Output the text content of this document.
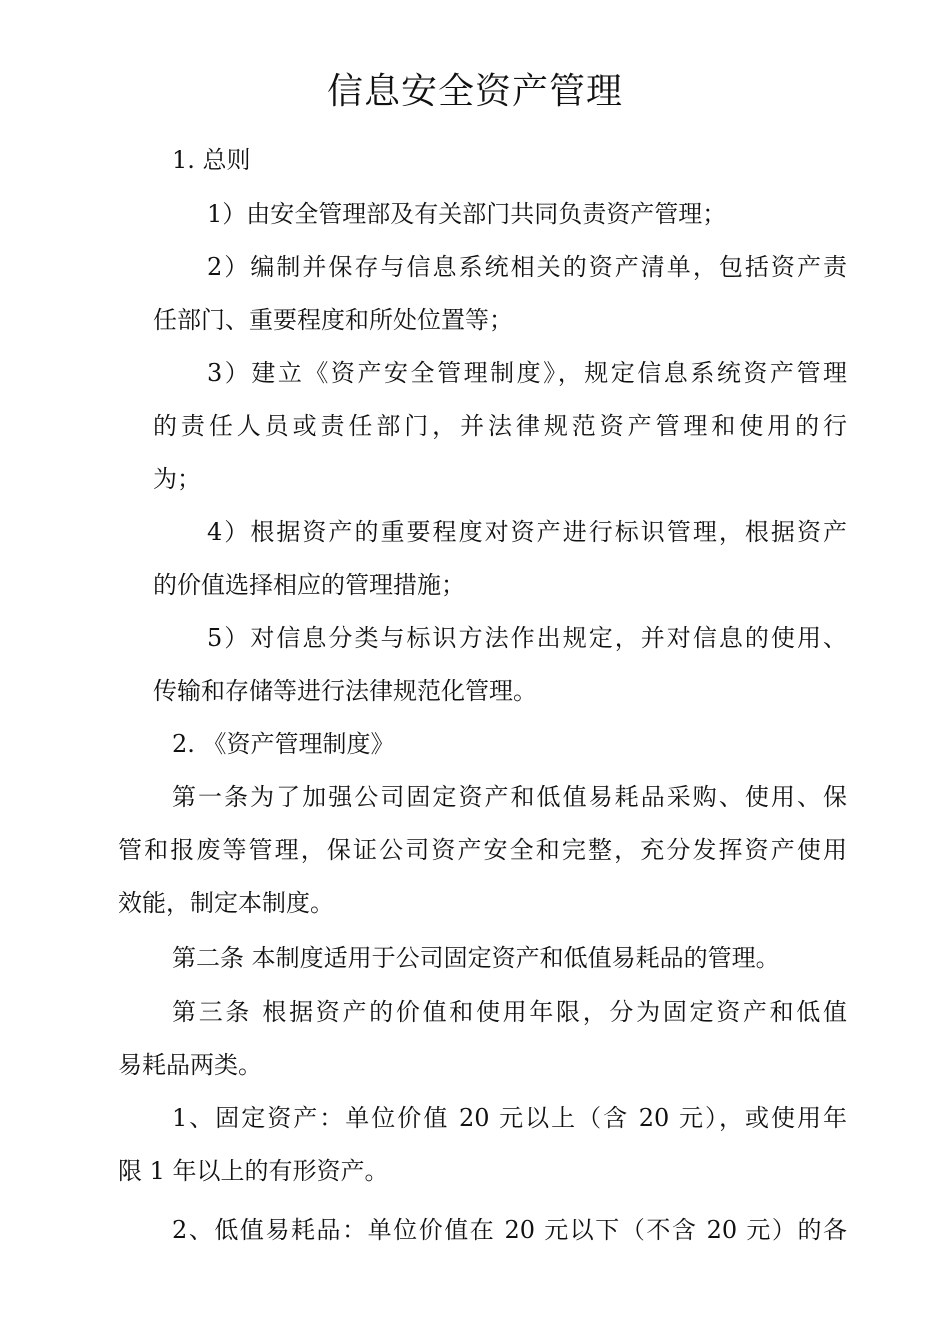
信息安全资产管理

1. 总则

1）由安全管理部及有关部门共同负责资产管理；

2）编制并保存与信息系统相关的资产清单，包括资产责

任部门、重要程度和所处位置等；

3）建立《资产安全管理制度》，规定信息系统资产管理

的责任人员或责任部门，并法律规范资产管理和使用的行

为；

4）根据资产的重要程度对资产进行标识管理，根据资产

的价值选择相应的管理措施；

5）对信息分类与标识方法作出规定，并对信息的使用、

传输和存储等进行法律规范化管理。

2. 《资产管理制度》

第一条为了加强公司固定资产和低值易耗品采购、使用、保

管和报废等管理，保证公司资产安全和完整，充分发挥资产使用

效能，制定本制度。

第二条 本制度适用于公司固定资产和低值易耗品的管理。

第三条 根据资产的价值和使用年限，分为固定资产和低值

易耗品两类。

1、固定资产：单位价值 20 元以上（含 20 元），或使用年

限 1 年以上的有形资产。

2、低值易耗品：单位价值在 20 元以下（不含 20 元）的各
